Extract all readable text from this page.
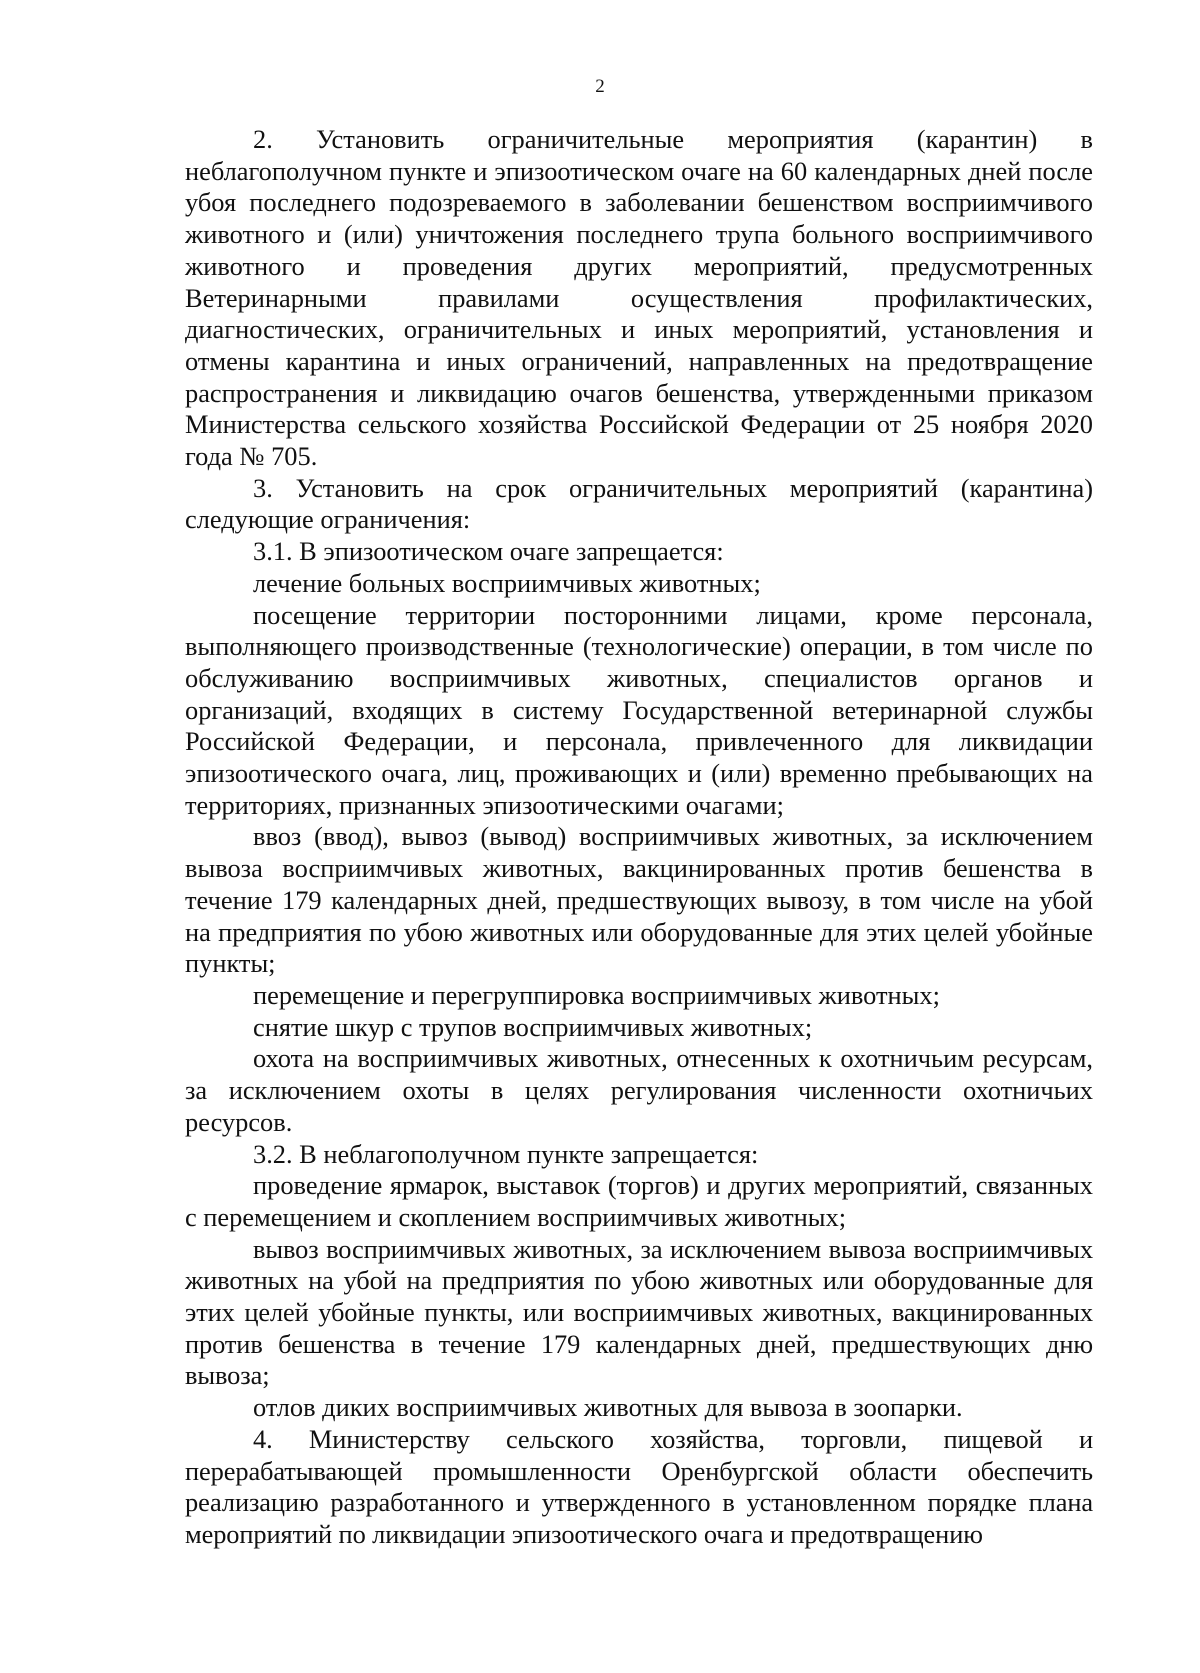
2

2. Установить ограничительные мероприятия (карантин) в неблагополучном пункте и эпизоотическом очаге на 60 календарных дней после убоя последнего подозреваемого в заболевании бешенством восприимчивого животного и (или) уничтожения последнего трупа больного восприимчивого животного и проведения других мероприятий, предусмотренных Ветеринарными правилами осуществления профилактических, диагностических, ограничительных и иных мероприятий, установления и отмены карантина и иных ограничений, направленных на предотвращение распространения и ликвидацию очагов бешенства, утвержденными приказом Министерства сельского хозяйства Российской Федерации от 25 ноября 2020 года № 705.

3. Установить на срок ограничительных мероприятий (карантина) следующие ограничения:

3.1. В эпизоотическом очаге запрещается:

лечение больных восприимчивых животных;

посещение территории посторонними лицами, кроме персонала, выполняющего производственные (технологические) операции, в том числе по обслуживанию восприимчивых животных, специалистов органов и организаций, входящих в систему Государственной ветеринарной службы Российской Федерации, и персонала, привлеченного для ликвидации эпизоотического очага, лиц, проживающих и (или) временно пребывающих на территориях, признанных эпизоотическими очагами;

ввоз (ввод), вывоз (вывод) восприимчивых животных, за исключением вывоза восприимчивых животных, вакцинированных против бешенства в течение 179 календарных дней, предшествующих вывозу, в том числе на убой на предприятия по убою животных или оборудованные для этих целей убойные пункты;

перемещение и перегруппировка восприимчивых животных;

снятие шкур с трупов восприимчивых животных;

охота на восприимчивых животных, отнесенных к охотничьим ресурсам, за исключением охоты в целях регулирования численности охотничьих ресурсов.

3.2. В неблагополучном пункте запрещается:

проведение ярмарок, выставок (торгов) и других мероприятий, связанных с перемещением и скоплением восприимчивых животных;

вывоз восприимчивых животных, за исключением вывоза восприимчивых животных на убой на предприятия по убою животных или оборудованные для этих целей убойные пункты, или восприимчивых животных, вакцинированных против бешенства в течение 179 календарных дней, предшествующих дню вывоза;

отлов диких восприимчивых животных для вывоза в зоопарки.

4. Министерству сельского хозяйства, торговли, пищевой и перерабатывающей промышленности Оренбургской области обеспечить реализацию разработанного и утвержденного в установленном порядке плана мероприятий по ликвидации эпизоотического очага и предотвращению
